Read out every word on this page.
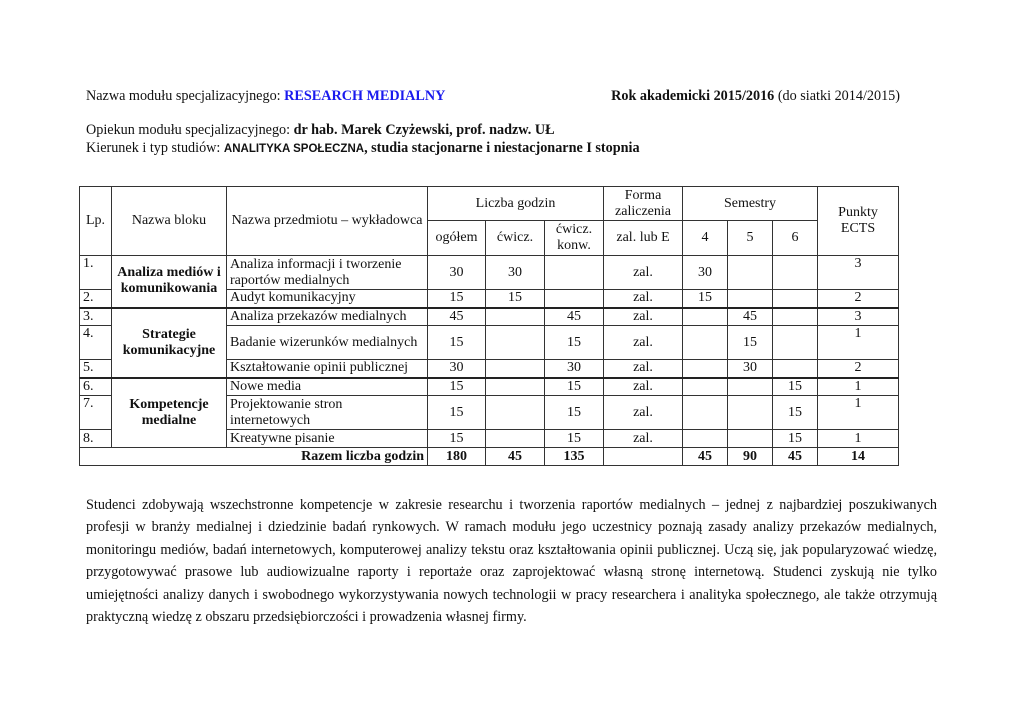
Nazwa modułu specjalizacyjnego: RESEARCH MEDIALNY	Rok akademicki 2015/2016 (do siatki 2014/2015)
Opiekun modułu specjalizacyjnego: dr hab. Marek Czyżewski, prof. nadzw. UŁ
Kierunek i typ studiów: ANALITYKA SPOŁECZNA, studia stacjonarne i niestacjonarne I stopnia
Lp.	Nazwa bloku	Nazwa przedmiotu – wykładowca	Liczba godzin			Forma zaliczenia	Semestry			Punkty ECTS
			ogółem	ćwicz.	ćwicz. konw.	zal. lub E	4	5	6	
1.	Analiza mediów i komunikowania	Analiza informacji i tworzenie raportów medialnych	30	30		zal.	30			3
2.		Audyt komunikacyjny	15	15		zal.	15			2
3.	Strategie komunikacyjne	Analiza przekazów medialnych	45		45	zal.		45		3
4.		Badanie wizerunków medialnych	15		15	zal.		15		1
5.		Kształtowanie opinii publicznej	30		30	zal.		30		2
6.	Kompetencje medialne	Nowe media	15		15	zal.			15	1
7.		Projektowanie stron internetowych	15		15	zal.			15	1
8.		Kreatywne pisanie	15		15	zal.			15	1
Razem liczba godzin			180	45	135		45	90	45	14
Studenci zdobywają wszechstronne kompetencje w zakresie researchu i tworzenia raportów medialnych – jednej z najbardziej poszukiwanych profesji w branży medialnej i dziedzinie badań rynkowych. W ramach modułu jego uczestnicy poznają zasady analizy przekazów medialnych, monitoringu mediów, badań internetowych, komputerowej analizy tekstu oraz kształtowania opinii publicznej. Uczą się, jak popularyzować wiedzę, przygotowywać prasowe lub audiowizualne raporty i reportaże oraz zaprojektować własną stronę internetową. Studenci zyskują nie tylko umiejętności analizy danych i swobodnego wykorzystywania nowych technologii w pracy researchera i analityka społecznego, ale także otrzymują praktyczną wiedzę z obszaru przedsiębiorczości i prowadzenia własnej firmy.
